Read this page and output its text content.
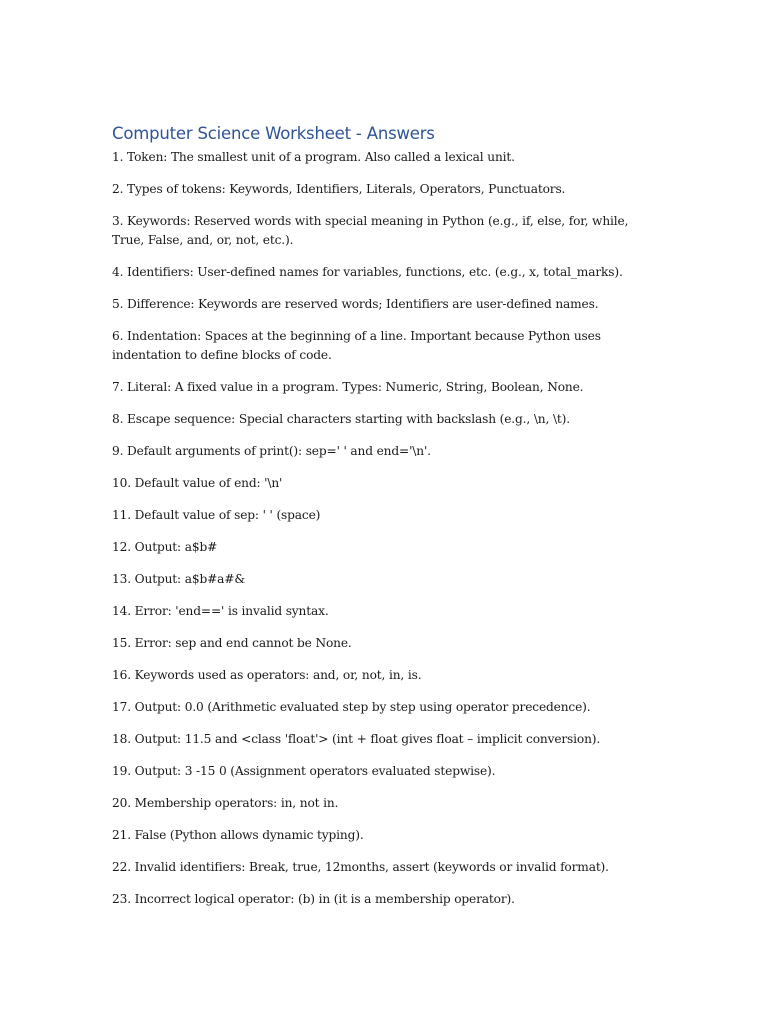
Computer Science Worksheet - Answers
1. Token: The smallest unit of a program. Also called a lexical unit.
2. Types of tokens: Keywords, Identifiers, Literals, Operators, Punctuators.
3. Keywords: Reserved words with special meaning in Python (e.g., if, else, for, while, True, False, and, or, not, etc.).
4. Identifiers: User-defined names for variables, functions, etc. (e.g., x, total_marks).
5. Difference: Keywords are reserved words; Identifiers are user-defined names.
6. Indentation: Spaces at the beginning of a line. Important because Python uses indentation to define blocks of code.
7. Literal: A fixed value in a program. Types: Numeric, String, Boolean, None.
8. Escape sequence: Special characters starting with backslash (e.g., \n, \t).
9. Default arguments of print(): sep=' ' and end='\n'.
10. Default value of end: '\n'
11. Default value of sep: ' ' (space)
12. Output: a$b#
13. Output: a$b#a#&
14. Error: 'end==' is invalid syntax.
15. Error: sep and end cannot be None.
16. Keywords used as operators: and, or, not, in, is.
17. Output: 0.0 (Arithmetic evaluated step by step using operator precedence).
18. Output: 11.5 and <class 'float'> (int + float gives float – implicit conversion).
19. Output: 3 -15 0 (Assignment operators evaluated stepwise).
20. Membership operators: in, not in.
21. False (Python allows dynamic typing).
22. Invalid identifiers: Break, true, 12months, assert (keywords or invalid format).
23. Incorrect logical operator: (b) in (it is a membership operator).
